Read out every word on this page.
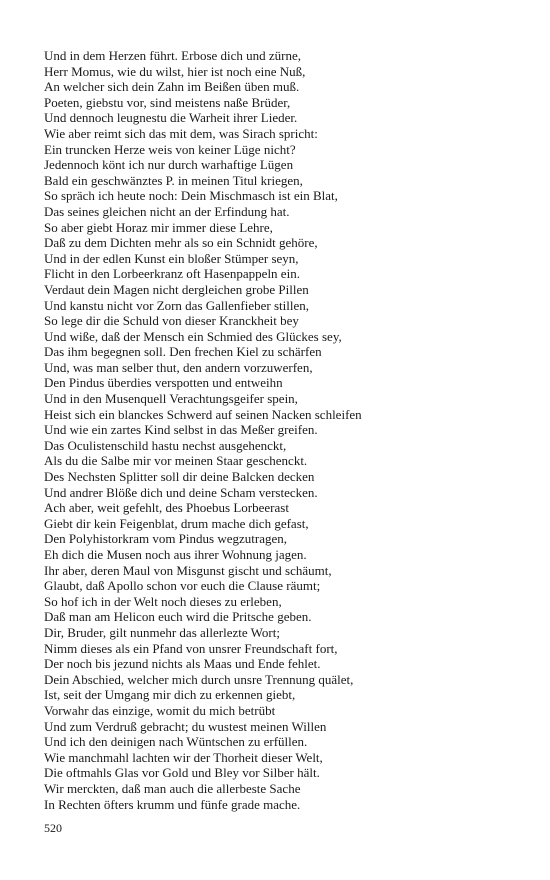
Und in dem Herzen führt. Erbose dich und zürne,
Herr Momus, wie du wilst, hier ist noch eine Nuß,
An welcher sich dein Zahn im Beißen üben muß.
Poeten, giebstu vor, sind meistens naße Brüder,
Und dennoch leugnestu die Warheit ihrer Lieder.
Wie aber reimt sich das mit dem, was Sirach spricht:
Ein truncken Herze weis von keiner Lüge nicht?
Jedennoch könt ich nur durch warhaftige Lügen
Bald ein geschwänztes P. in meinen Titul kriegen,
So spräch ich heute noch: Dein Mischmasch ist ein Blat,
Das seines gleichen nicht an der Erfindung hat.
So aber giebt Horaz mir immer diese Lehre,
Daß zu dem Dichten mehr als so ein Schnidt gehöre,
Und in der edlen Kunst ein bloßer Stümper seyn,
Flicht in den Lorbeerkranz oft Hasenpappeln ein.
Verdaut dein Magen nicht dergleichen grobe Pillen
Und kanstu nicht vor Zorn das Gallenfieber stillen,
So lege dir die Schuld von dieser Kranckheit bey
Und wiße, daß der Mensch ein Schmied des Glückes sey,
Das ihm begegnen soll. Den frechen Kiel zu schärfen
Und, was man selber thut, den andern vorzuwerfen,
Den Pindus überdies verspotten und entweihn
Und in den Musenquell Verachtungsgeifer spein,
Heist sich ein blanckes Schwerd auf seinen Nacken schleifen
Und wie ein zartes Kind selbst in das Meßer greifen.
Das Oculistenschild hastu nechst ausgehenckt,
Als du die Salbe mir vor meinen Staar geschenckt.
Des Nechsten Splitter soll dir deine Balcken decken
Und andrer Blöße dich und deine Scham verstecken.
Ach aber, weit gefehlt, des Phoebus Lorbeerast
Giebt dir kein Feigenblat, drum mache dich gefast,
Den Polyhistorkram vom Pindus wegzutragen,
Eh dich die Musen noch aus ihrer Wohnung jagen.
Ihr aber, deren Maul von Misgunst gischt und schäumt,
Glaubt, daß Apollo schon vor euch die Clause räumt;
So hof ich in der Welt noch dieses zu erleben,
Daß man am Helicon euch wird die Pritsche geben.
Dir, Bruder, gilt nunmehr das allerlezte Wort;
Nimm dieses als ein Pfand von unsrer Freundschaft fort,
Der noch bis jezund nichts als Maas und Ende fehlet.
Dein Abschied, welcher mich durch unsre Trennung quälet,
Ist, seit der Umgang mir dich zu erkennen giebt,
Vorwahr das einzige, womit du mich betrübt
Und zum Verdruß gebracht; du wustest meinen Willen
Und ich den deinigen nach Wüntschen zu erfüllen.
Wie manchmahl lachten wir der Thorheit dieser Welt,
Die oftmahls Glas vor Gold und Bley vor Silber hält.
Wir merckten, daß man auch die allerbeste Sache
In Rechten öfters krumm und fünfe grade mache.
520
